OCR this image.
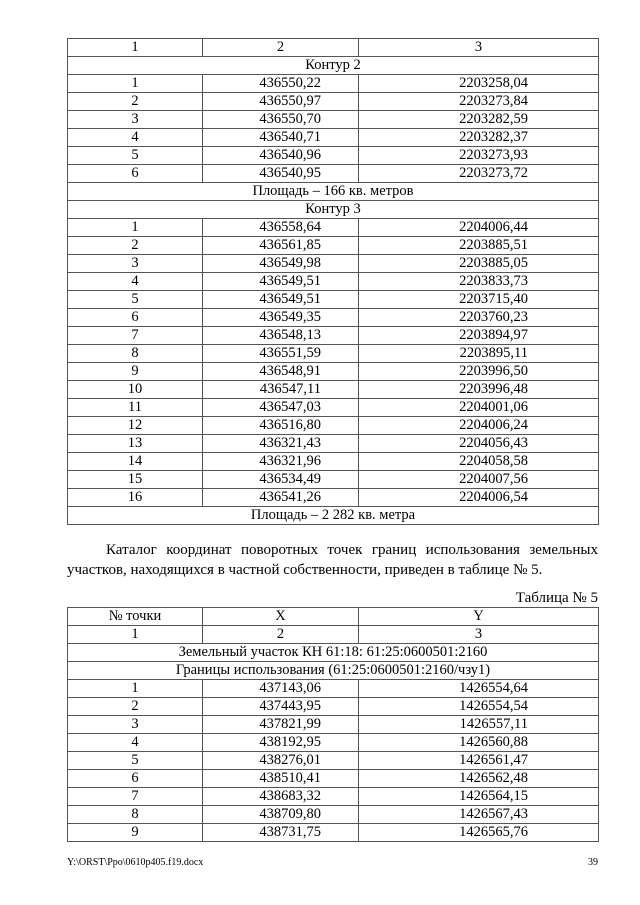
1	2	3
Контур 2		
1	436550,22	2203258,04
2	436550,97	2203273,84
3	436550,70	2203282,59
4	436540,71	2203282,37
5	436540,96	2203273,93
6	436540,95	2203273,72
Площадь – 166 кв. метров		
Контур 3		
1	436558,64	2204006,44
2	436561,85	2203885,51
3	436549,98	2203885,05
4	436549,51	2203833,73
5	436549,51	2203715,40
6	436549,35	2203760,23
7	436548,13	2203894,97
8	436551,59	2203895,11
9	436548,91	2203996,50
10	436547,11	2203996,48
11	436547,03	2204001,06
12	436516,80	2204006,24
13	436321,43	2204056,43
14	436321,96	2204058,58
15	436534,49	2204007,56
16	436541,26	2204006,54
Площадь – 2 282 кв. метра		
Каталог координат поворотных точек границ использования земельных
участков, находящихся в частной собственности, приведен в таблице № 5.
Таблица № 5
№ точки	X	Y
1	2	3
Земельный участок КН 61:18: 61:25:0600501:2160		
Границы использования (61:25:0600501:2160/чзу1)		
1	437143,06	1426554,64
2	437443,95	1426554,54
3	437821,99	1426557,11
4	438192,95	1426560,88
5	438276,01	1426561,47
6	438510,41	1426562,48
7	438683,32	1426564,15
8	438709,80	1426567,43
9	438731,75	1426565,76
Y:\ORST\Ppo\0610p405.f19.docx	39
